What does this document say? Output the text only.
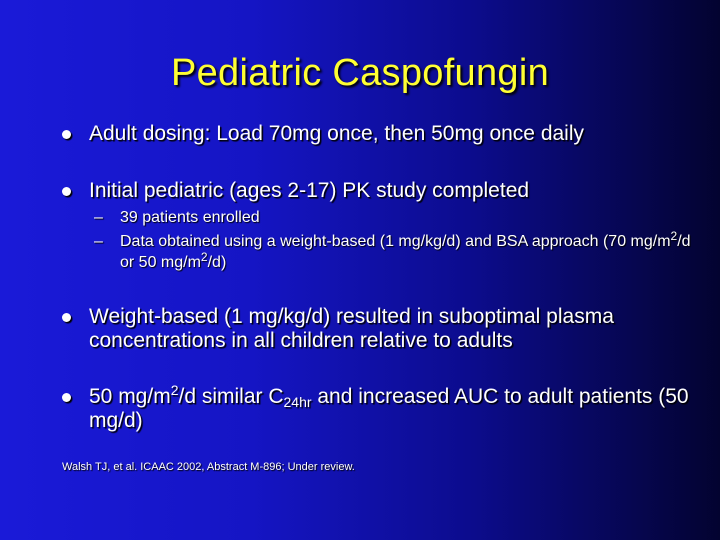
Pediatric Caspofungin
Adult dosing: Load 70mg once, then 50mg once daily
Initial pediatric (ages 2-17) PK study completed
– 39 patients enrolled
– Data obtained using a weight-based (1 mg/kg/d) and BSA approach (70 $mg/m^2/d$ or 50 $mg/m^2/d$)
Weight-based (1 mg/kg/d) resulted in suboptimal plasma concentrations in all children relative to adults
50 $mg/m^2/d$ similar C24hr and increased AUC to adult patients (50 mg/d)
Walsh TJ, et al. ICAAC 2002, Abstract M-896; Under review.
